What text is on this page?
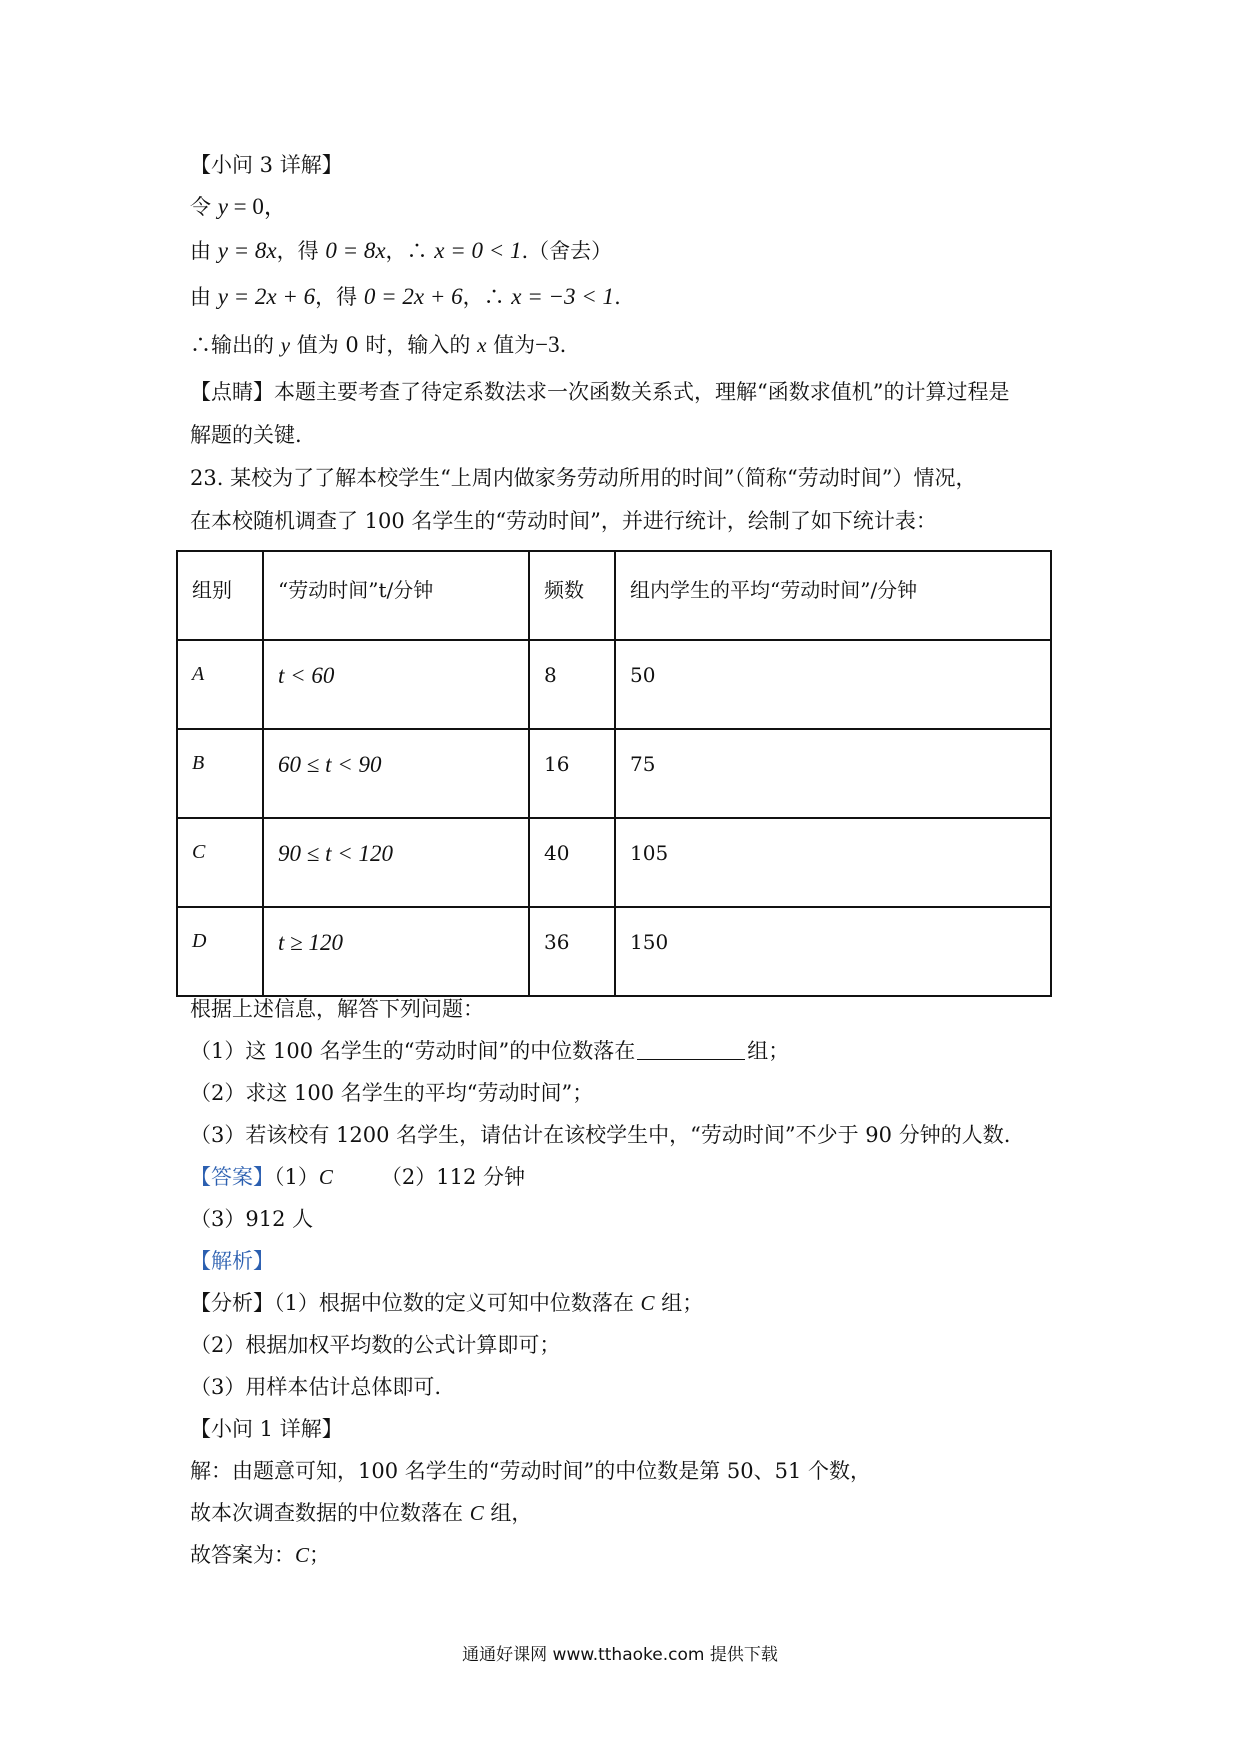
【小问 3 详解】
令 y = 0，
由 y = 8x，得 0 = 8x，∴ x = 0 < 1.（舍去）
由 y = 2x + 6，得 0 = 2x + 6，∴ x = −3 < 1.
∴输出的 y 值为 0 时，输入的 x 值为−3.
【点睛】本题主要考查了待定系数法求一次函数关系式，理解“函数求值机”的计算过程是
解题的关键.
23. 某校为了了解本校学生“上周内做家务劳动所用的时间”（简称“劳动时间”）情况，
在本校随机调查了 100 名学生的“劳动时间”，并进行统计，绘制了如下统计表：
组别	“劳动时间”t/分钟	频数	组内学生的平均“劳动时间”/分钟
A	t < 60	8	50
B	60 ≤ t < 90	16	75
C	90 ≤ t < 120	40	105
D	t ≥ 120	36	150
根据上述信息，解答下列问题：
（1）这 100 名学生的“劳动时间”的中位数落在	组；
（2）求这 100 名学生的平均“劳动时间”；
（3）若该校有 1200 名学生，请估计在该校学生中，“劳动时间”不少于 90 分钟的人数.
【答案】（1）C （2）112 分钟
（3）912 人
【解析】
【分析】（1）根据中位数的定义可知中位数落在 C 组；
（2）根据加权平均数的公式计算即可；
（3）用样本估计总体即可.
【小问 1 详解】
解：由题意可知，100 名学生的“劳动时间”的中位数是第 50、51 个数，
故本次调查数据的中位数落在 C 组，
故答案为：C；
通通好课网 www.tthaoke.com 提供下载
